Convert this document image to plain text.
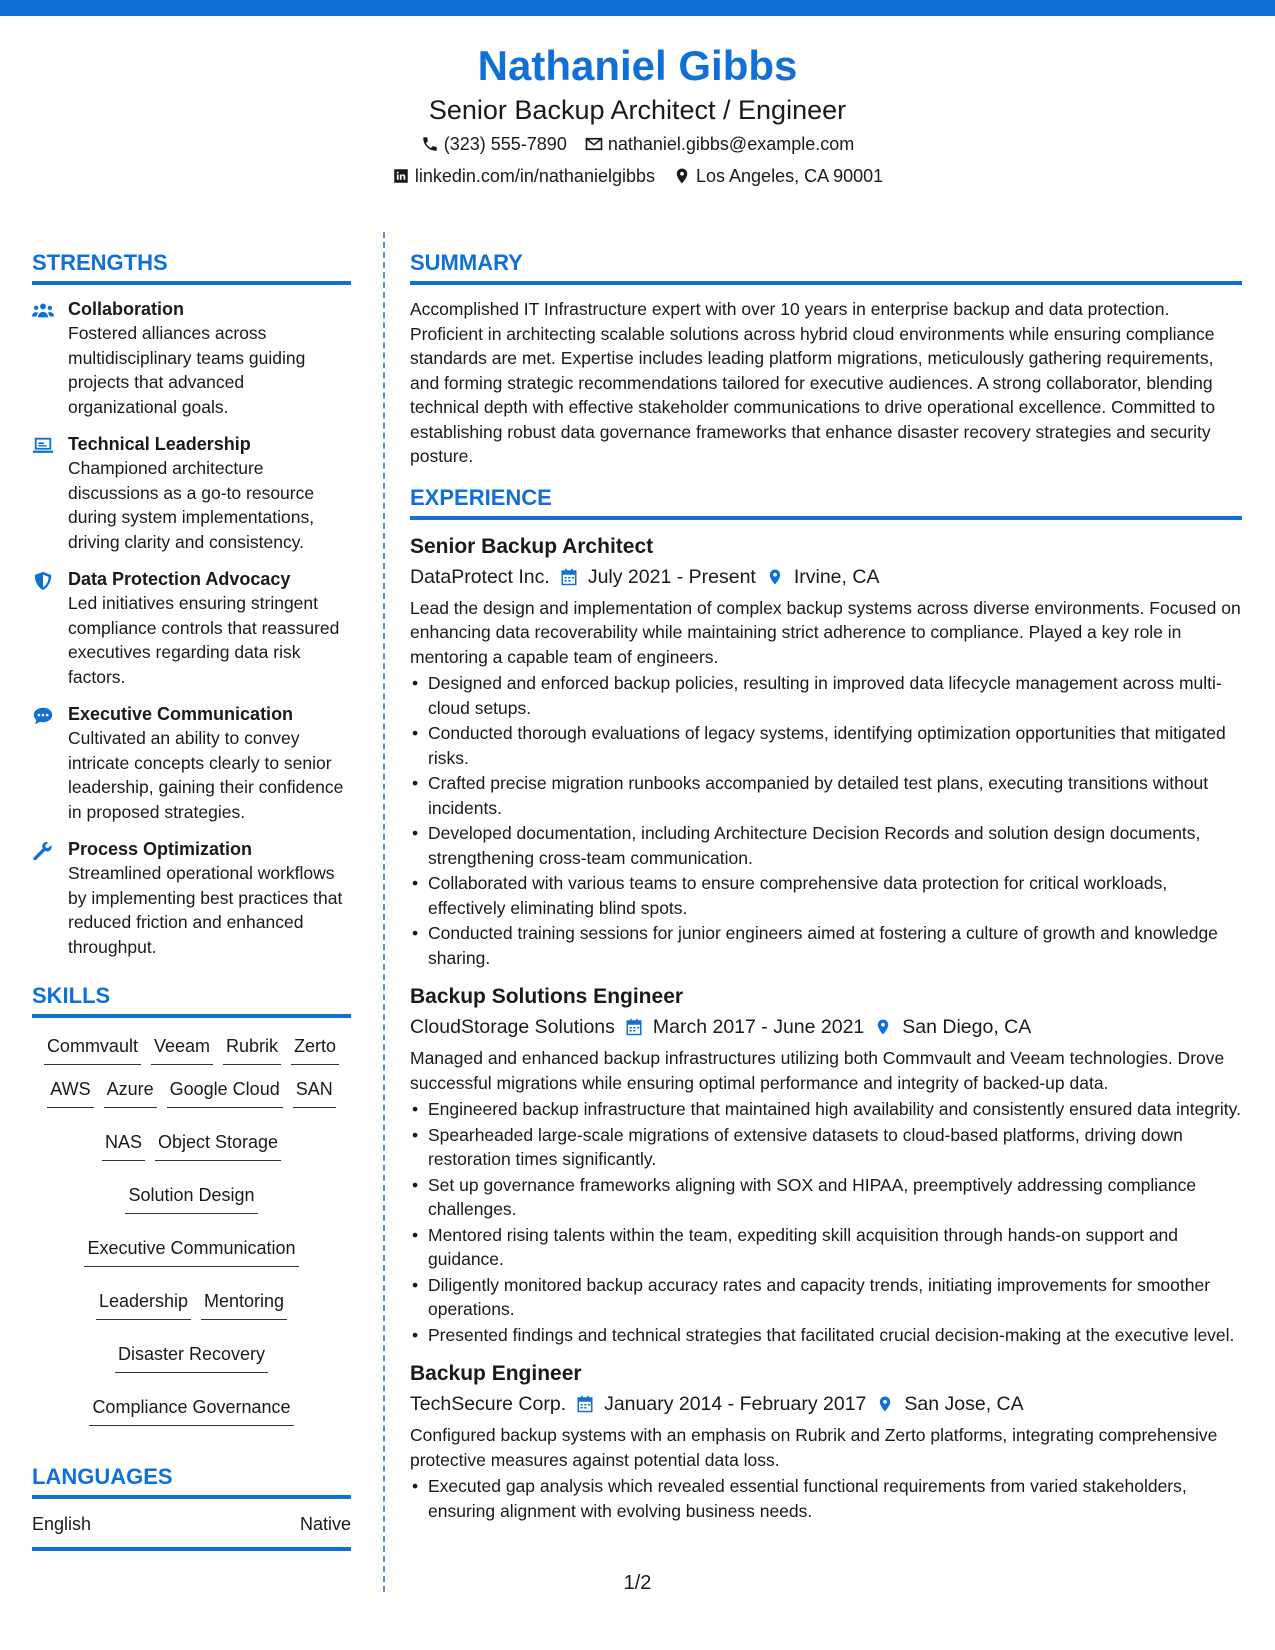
Nathaniel Gibbs
Senior Backup Architect / Engineer
(323) 555-7890 nathaniel.gibbs@example.com
linkedin.com/in/nathanielgibbs Los Angeles, CA 90001
STRENGTHS
Collaboration
Fostered alliances across multidisciplinary teams guiding projects that advanced organizational goals.
Technical Leadership
Championed architecture discussions as a go-to resource during system implementations, driving clarity and consistency.
Data Protection Advocacy
Led initiatives ensuring stringent compliance controls that reassured executives regarding data risk factors.
Executive Communication
Cultivated an ability to convey intricate concepts clearly to senior leadership, gaining their confidence in proposed strategies.
Process Optimization
Streamlined operational workflows by implementing best practices that reduced friction and enhanced throughput.
SKILLS
Commvault Veeam Rubrik Zerto
AWS Azure Google Cloud SAN
NAS Object Storage
Solution Design
Executive Communication
Leadership Mentoring
Disaster Recovery
Compliance Governance
LANGUAGES
English	Native
SUMMARY
Accomplished IT Infrastructure expert with over 10 years in enterprise backup and data protection. Proficient in architecting scalable solutions across hybrid cloud environments while ensuring compliance standards are met. Expertise includes leading platform migrations, meticulously gathering requirements, and forming strategic recommendations tailored for executive audiences. A strong collaborator, blending technical depth with effective stakeholder communications to drive operational excellence. Committed to establishing robust data governance frameworks that enhance disaster recovery strategies and security posture.
EXPERIENCE
Senior Backup Architect
DataProtect Inc. July 2021 - Present Irvine, CA
Lead the design and implementation of complex backup systems across diverse environments. Focused on enhancing data recoverability while maintaining strict adherence to compliance. Played a key role in mentoring a capable team of engineers.
• Designed and enforced backup policies, resulting in improved data lifecycle management across multi-cloud setups.
• Conducted thorough evaluations of legacy systems, identifying optimization opportunities that mitigated risks.
• Crafted precise migration runbooks accompanied by detailed test plans, executing transitions without incidents.
• Developed documentation, including Architecture Decision Records and solution design documents, strengthening cross-team communication.
• Collaborated with various teams to ensure comprehensive data protection for critical workloads, effectively eliminating blind spots.
• Conducted training sessions for junior engineers aimed at fostering a culture of growth and knowledge sharing.
Backup Solutions Engineer
CloudStorage Solutions March 2017 - June 2021 San Diego, CA
Managed and enhanced backup infrastructures utilizing both Commvault and Veeam technologies. Drove successful migrations while ensuring optimal performance and integrity of backed-up data.
• Engineered backup infrastructure that maintained high availability and consistently ensured data integrity.
• Spearheaded large-scale migrations of extensive datasets to cloud-based platforms, driving down restoration times significantly.
• Set up governance frameworks aligning with SOX and HIPAA, preemptively addressing compliance challenges.
• Mentored rising talents within the team, expediting skill acquisition through hands-on support and guidance.
• Diligently monitored backup accuracy rates and capacity trends, initiating improvements for smoother operations.
• Presented findings and technical strategies that facilitated crucial decision-making at the executive level.
Backup Engineer
TechSecure Corp. January 2014 - February 2017 San Jose, CA
Configured backup systems with an emphasis on Rubrik and Zerto platforms, integrating comprehensive protective measures against potential data loss.
• Executed gap analysis which revealed essential functional requirements from varied stakeholders, ensuring alignment with evolving business needs.
1/2
